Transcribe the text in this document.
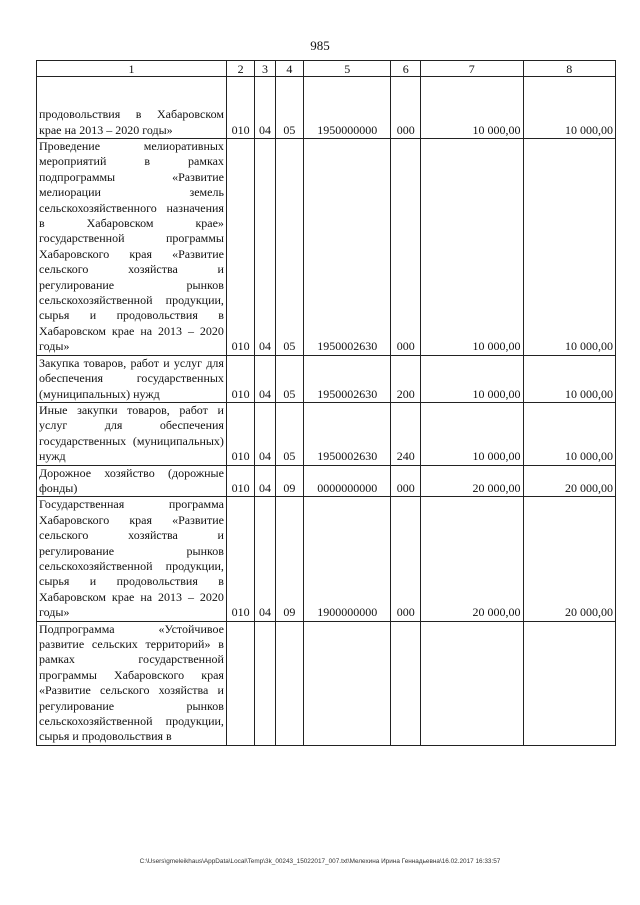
985
1	2	3	4	5	6	7	8
продовольствия в Хабаровском крае на 2013 – 2020 годы»	010	04	05	1950000000	000	10 000,00	10 000,00
Проведение мелиоративных мероприятий в рамках подпрограммы «Развитие мелиорации земель сельскохозяйственного назначения в Хабаровском крае» государственной программы Хабаровского края «Развитие сельского хозяйства и регулирование рынков сельскохозяйственной продукции, сырья и продовольствия в Хабаровском крае на 2013 – 2020 годы»	010	04	05	1950002630	000	10 000,00	10 000,00
Закупка товаров, работ и услуг для обеспечения государственных (муниципальных) нужд	010	04	05	1950002630	200	10 000,00	10 000,00
Иные закупки товаров, работ и услуг для обеспечения государственных (муниципальных) нужд	010	04	05	1950002630	240	10 000,00	10 000,00
Дорожное хозяйство (дорожные фонды)	010	04	09	0000000000	000	20 000,00	20 000,00
Государственная программа Хабаровского края «Развитие сельского хозяйства и регулирование рынков сельскохозяйственной продукции, сырья и продовольствия в Хабаровском крае на 2013 – 2020 годы»	010	04	09	1900000000	000	20 000,00	20 000,00
Подпрограмма «Устойчивое развитие сельских территорий» в рамках государственной программы Хабаровского края «Развитие сельского хозяйства и регулирование рынков сельскохозяйственной продукции, сырья и продовольствия в							
C:\Users\gmeleikhaus\AppData\Local\Temp\3k_00243_15022017_007.txt\Мелехина Ирина Геннадьевна\16.02.2017 16:33:57
